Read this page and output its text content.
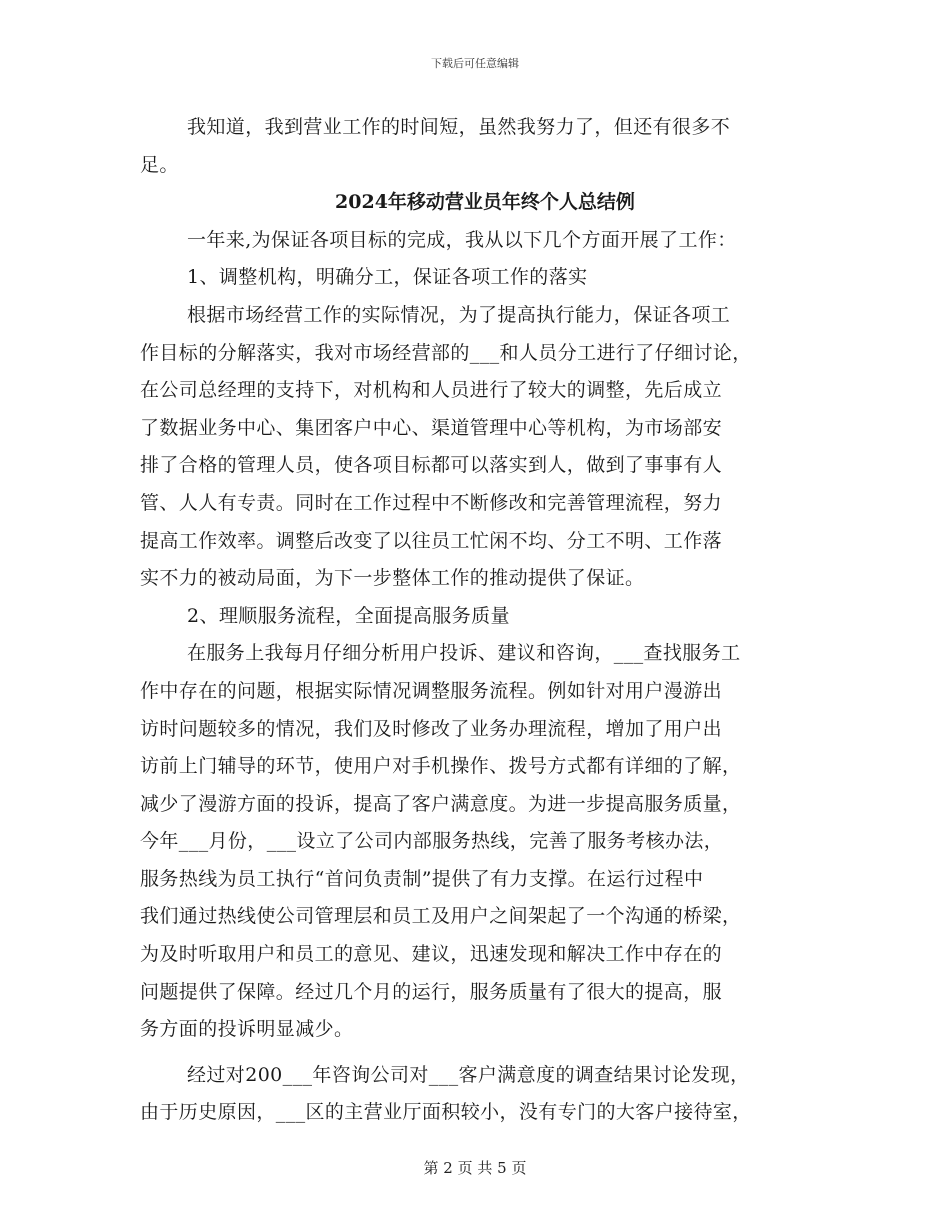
下载后可任意编辑
我知道，我到营业工作的时间短，虽然我努力了，但还有很多不
足。
2024年移动营业员年终个人总结例
一年来,为保证各项目标的完成，我从以下几个方面开展了工作：
1、调整机构，明确分工，保证各项工作的落实
根据市场经营工作的实际情况，为了提高执行能力，保证各项工
作目标的分解落实，我对市场经营部的___和人员分工进行了仔细讨论，
在公司总经理的支持下，对机构和人员进行了较大的调整，先后成立
了数据业务中心、集团客户中心、渠道管理中心等机构，为市场部安
排了合格的管理人员，使各项目标都可以落实到人，做到了事事有人
管、人人有专责。同时在工作过程中不断修改和完善管理流程，努力
提高工作效率。调整后改变了以往员工忙闲不均、分工不明、工作落
实不力的被动局面，为下一步整体工作的推动提供了保证。
2、理顺服务流程，全面提高服务质量
在服务上我每月仔细分析用户投诉、建议和咨询，___查找服务工
作中存在的问题，根据实际情况调整服务流程。例如针对用户漫游出
访时问题较多的情况，我们及时修改了业务办理流程，增加了用户出
访前上门辅导的环节，使用户对手机操作、拨号方式都有详细的了解，
减少了漫游方面的投诉，提高了客户满意度。为进一步提高服务质量，
今年___月份，___设立了公司内部服务热线，完善了服务考核办法，
服务热线为员工执行“首问负责制”提供了有力支撑。在运行过程中
我们通过热线使公司管理层和员工及用户之间架起了一个沟通的桥梁，
为及时听取用户和员工的意见、建议，迅速发现和解决工作中存在的
问题提供了保障。经过几个月的运行，服务质量有了很大的提高，服
务方面的投诉明显减少。
经过对200___年咨询公司对___客户满意度的调查结果讨论发现，
由于历史原因，___区的主营业厅面积较小，没有专门的大客户接待室，
第 2 页 共 5 页
